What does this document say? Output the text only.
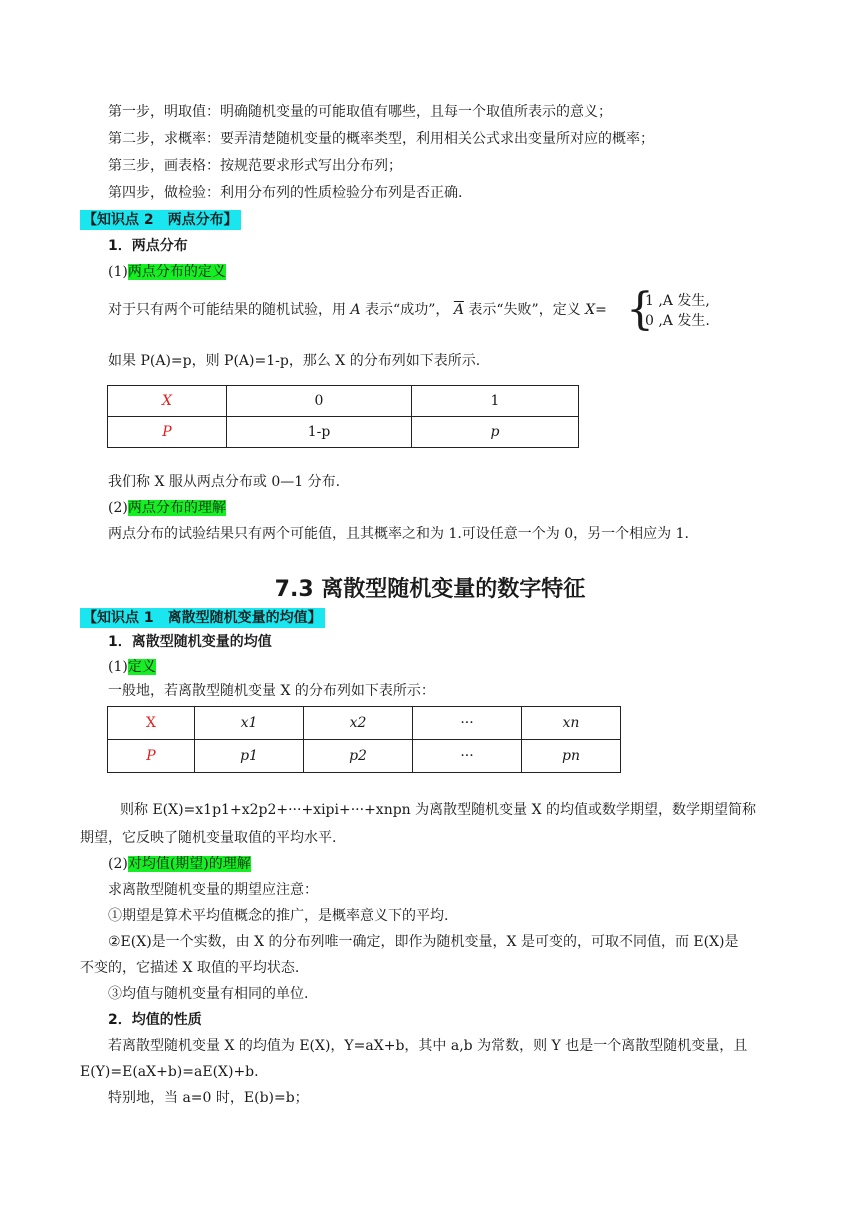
第一步，明取值：明确随机变量的可能取值有哪些，且每一个取值所表示的意义；
第二步，求概率：要弄清楚随机变量的概率类型，利用相关公式求出变量所对应的概率；
第三步，画表格：按规范要求形式写出分布列；
第四步，做检验：利用分布列的性质检验分布列是否正确.
【知识点 2　两点分布】
1．两点分布
(1)两点分布的定义
对于只有两个可能结果的随机试验，用 A 表示“成功”， $\overline{A}$ 表示“失败”，定义 X= {
1 ,A 发生,
0 ,A 发生.
如果 P(A)=p，则 P(A)=1-p，那么 X 的分布列如下表所示.
X	0	1
P	1-p	p
我们称 X 服从两点分布或 0—1 分布.
(2)两点分布的理解
两点分布的试验结果只有两个可能值，且其概率之和为 1.可设任意一个为 0，另一个相应为 1.
7.3 离散型随机变量的数字特征
【知识点 1　离散型随机变量的均值】
1．离散型随机变量的均值
(1)定义
一般地，若离散型随机变量 X 的分布列如下表所示：
X	x1	x2	···	xn
P	p1	p2	···	pn
则称 E(X)=x1p1+x2p2+···+xipi+···+xnpn 为离散型随机变量 X 的均值或数学期望，数学期望简称
期望，它反映了随机变量取值的平均水平.
(2)对均值(期望)的理解
求离散型随机变量的期望应注意：
①期望是算术平均值概念的推广，是概率意义下的平均.
②E(X)是一个实数，由 X 的分布列唯一确定，即作为随机变量，X 是可变的，可取不同值，而 E(X)是
不变的，它描述 X 取值的平均状态.
③均值与随机变量有相同的单位.
2．均值的性质
若离散型随机变量 X 的均值为 E(X)，Y=aX+b，其中 a,b 为常数，则 Y 也是一个离散型随机变量，且
E(Y)=E(aX+b)=aE(X)+b.
特别地，当 a=0 时，E(b)=b；
